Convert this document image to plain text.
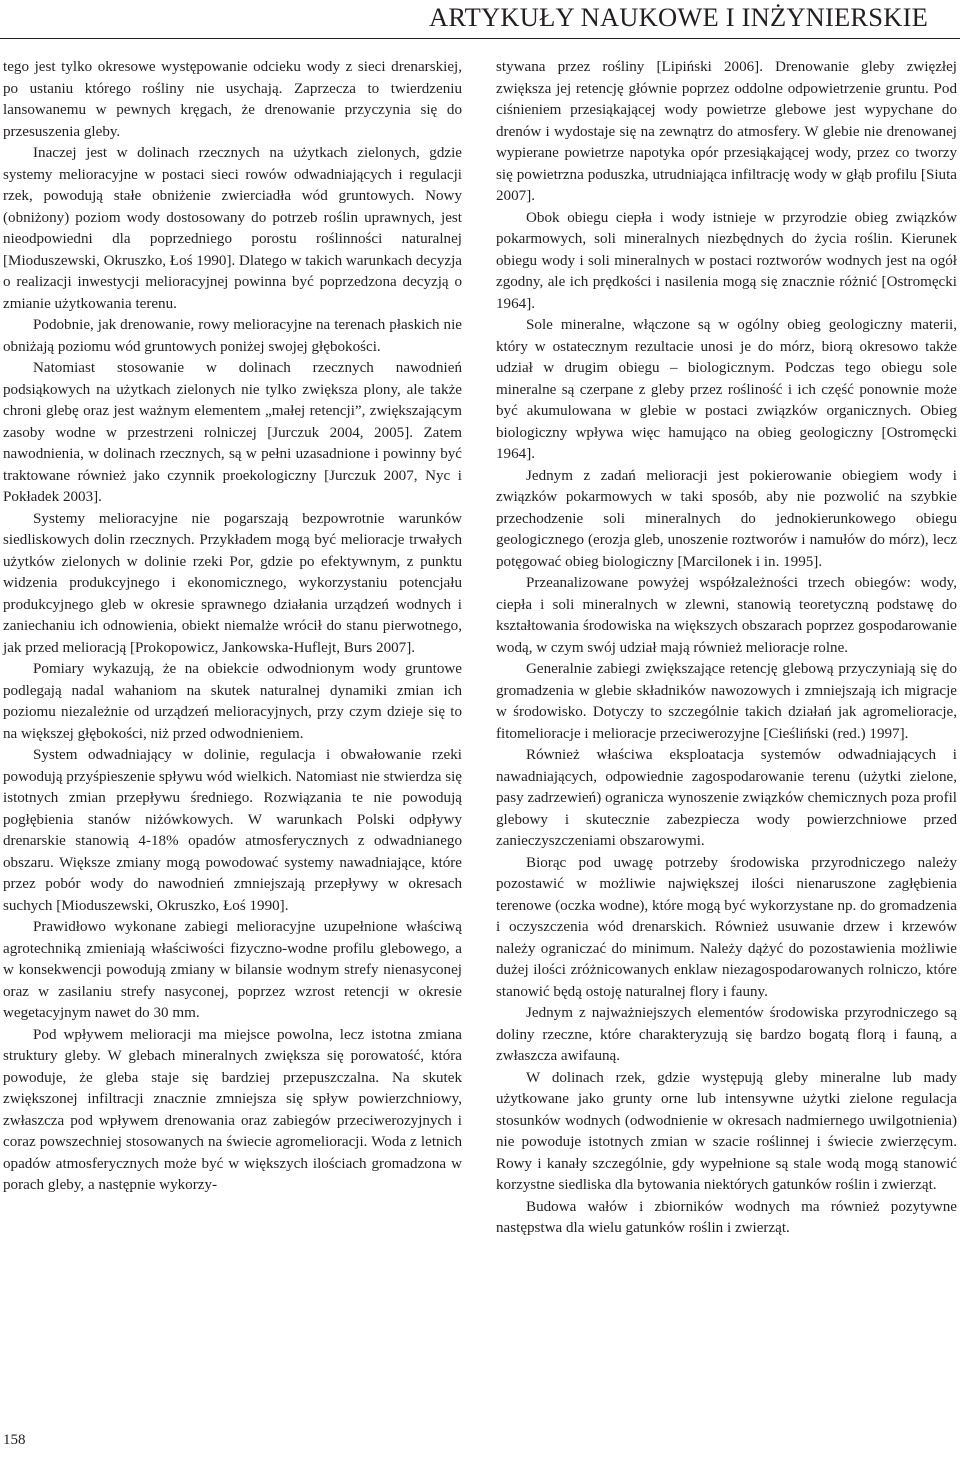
ARTYKUŁY NAUKOWE I INŻYNIERSKIE

tego jest tylko okresowe występowanie odcieku wody z sieci drenarskiej, po ustaniu którego rośliny nie usychają. Zaprzecza to twierdzeniu lansowanemu w pewnych kręgach, że drenowanie przyczynia się do przesuszenia gleby.

Inaczej jest w dolinach rzecznych na użytkach zielonych, gdzie systemy melioracyjne w postaci sieci rowów odwadniających i regulacji rzek, powodują stałe obniżenie zwierciadła wód gruntowych. Nowy (obniżony) poziom wody dostosowany do potrzeb roślin uprawnych, jest nieodpowiedni dla poprzedniego porostu roślinności naturalnej [Mioduszewski, Okruszko, Łoś 1990]. Dlatego w takich warunkach decyzja o realizacji inwestycji melioracyjnej powinna być poprzedzona decyzją o zmianie użytkowania terenu.

Podobnie, jak drenowanie, rowy melioracyjne na terenach płaskich nie obniżają poziomu wód gruntowych poniżej swojej głębokości.

Natomiast stosowanie w dolinach rzecznych nawodnień podsiąkowych na użytkach zielonych nie tylko zwiększa plony, ale także chroni glebę oraz jest ważnym elementem „małej retencji”, zwiększającym zasoby wodne w przestrzeni rolniczej [Jurczuk 2004, 2005]. Zatem nawodnienia, w dolinach rzecznych, są w pełni uzasadnione i powinny być traktowane również jako czynnik proekologiczny [Jurczuk 2007, Nyc i Pokładek 2003].

Systemy melioracyjne nie pogarszają bezpowrotnie warunków siedliskowych dolin rzecznych. Przykładem mogą być melioracje trwałych użytków zielonych w dolinie rzeki Por, gdzie po efektywnym, z punktu widzenia produkcyjnego i ekonomicznego, wykorzystaniu potencjału produkcyjnego gleb w okresie sprawnego działania urządzeń wodnych i zaniechaniu ich odnowienia, obiekt niemalże wrócił do stanu pierwotnego, jak przed melioracją [Prokopowicz, Jankowska-Huflejt, Burs 2007].

Pomiary wykazują, że na obiekcie odwodnionym wody gruntowe podlegają nadal wahaniom na skutek naturalnej dynamiki zmian ich poziomu niezależnie od urządzeń melioracyjnych, przy czym dzieje się to na większej głębokości, niż przed odwodnieniem.

System odwadniający w dolinie, regulacja i obwałowanie rzeki powodują przyśpieszenie spływu wód wielkich. Natomiast nie stwierdza się istotnych zmian przepływu średniego. Rozwiązania te nie powodują pogłębienia stanów niżówkowych. W warunkach Polski odpływy drenarskie stanowią 4-18% opadów atmosferycznych z odwadnianego obszaru. Większe zmiany mogą powodować systemy nawadniające, które przez pobór wody do nawodnień zmniejszają przepływy w okresach suchych [Mioduszewski, Okruszko, Łoś 1990].

Prawidłowo wykonane zabiegi melioracyjne uzupełnione właściwą agrotechniką zmieniają właściwości fizyczno-wodne profilu glebowego, a w konsekwencji powodują zmiany w bilansie wodnym strefy nienasyconej oraz w zasilaniu strefy nasyconej, poprzez wzrost retencji w okresie wegetacyjnym nawet do 30 mm.

Pod wpływem melioracji ma miejsce powolna, lecz istotna zmiana struktury gleby. W glebach mineralnych zwiększa się porowatość, która powoduje, że gleba staje się bardziej przepuszczalna. Na skutek zwiększonej infiltracji znacznie zmniejsza się spływ powierzchniowy, zwłaszcza pod wpływem drenowania oraz zabiegów przeciwerozyjnych i coraz powszechniej stosowanych na świecie agromelioracji. Woda z letnich opadów atmosferycznych może być w większych ilościach gromadzona w porach gleby, a następnie wykorzy-

stywana przez rośliny [Lipiński 2006]. Drenowanie gleby zwięzłej zwiększa jej retencję głównie poprzez oddolne odpowietrzenie gruntu. Pod ciśnieniem przesiąkającej wody powietrze glebowe jest wypychane do drenów i wydostaje się na zewnątrz do atmosfery. W glebie nie drenowanej wypierane powietrze napotyka opór przesiąkającej wody, przez co tworzy się powietrzna poduszka, utrudniająca infiltrację wody w głąb profilu [Siuta 2007].

Obok obiegu ciepła i wody istnieje w przyrodzie obieg związków pokarmowych, soli mineralnych niezbędnych do życia roślin. Kierunek obiegu wody i soli mineralnych w postaci roztworów wodnych jest na ogół zgodny, ale ich prędkości i nasilenia mogą się znacznie różnić [Ostromęcki 1964].

Sole mineralne, włączone są w ogólny obieg geologiczny materii, który w ostatecznym rezultacie unosi je do mórz, biorą okresowo także udział w drugim obiegu – biologicznym. Podczas tego obiegu sole mineralne są czerpane z gleby przez rośliność i ich część ponownie może być akumulowana w glebie w postaci związków organicznych. Obieg biologiczny wpływa więc hamująco na obieg geologiczny [Ostromęcki 1964].

Jednym z zadań melioracji jest pokierowanie obiegiem wody i związków pokarmowych w taki sposób, aby nie pozwolić na szybkie przechodzenie soli mineralnych do jednokierunkowego obiegu geologicznego (erozja gleb, unoszenie roztworów i namułów do mórz), lecz potęgować obieg biologiczny [Marcilonek i in. 1995].

Przeanalizowane powyżej współzależności trzech obiegów: wody, ciepła i soli mineralnych w zlewni, stanowią teoretyczną podstawę do kształtowania środowiska na większych obszarach poprzez gospodarowanie wodą, w czym swój udział mają również melioracje rolne.

Generalnie zabiegi zwiększające retencję glebową przyczyniają się do gromadzenia w glebie składników nawozowych i zmniejszają ich migracje w środowisko. Dotyczy to szczególnie takich działań jak agromelioracje, fitomelioracje i melioracje przeciwerozyjne [Cieśliński (red.) 1997].

Również właściwa eksploatacja systemów odwadniających i nawadniających, odpowiednie zagospodarowanie terenu (użytki zielone, pasy zadrzewień) ogranicza wynoszenie związków chemicznych poza profil glebowy i skutecznie zabezpiecza wody powierzchniowe przed zanieczyszczeniami obszarowymi.

Biorąc pod uwagę potrzeby środowiska przyrodniczego należy pozostawić w możliwie największej ilości nienaruszone zagłębienia terenowe (oczka wodne), które mogą być wykorzystane np. do gromadzenia i oczyszczenia wód drenarskich. Również usuwanie drzew i krzewów należy ograniczać do minimum. Należy dążyć do pozostawienia możliwie dużej ilości zróżnicowanych enklaw niezagospodarowanych rolniczo, które stanowić będą ostoję naturalnej flory i fauny.

Jednym z najważniejszych elementów środowiska przyrodniczego są doliny rzeczne, które charakteryzują się bardzo bogatą florą i fauną, a zwłaszcza awifauną.

W dolinach rzek, gdzie występują gleby mineralne lub mady użytkowane jako grunty orne lub intensywne użytki zielone regulacja stosunków wodnych (odwodnienie w okresach nadmiernego uwilgotnienia) nie powoduje istotnych zmian w szacie roślinnej i świecie zwierzęcym. Rowy i kanały szczególnie, gdy wypełnione są stale wodą mogą stanowić korzystne siedliska dla bytowania niektórych gatunków roślin i zwierząt.

Budowa wałów i zbiorników wodnych ma również pozytywne następstwa dla wielu gatunków roślin i zwierząt.

158
